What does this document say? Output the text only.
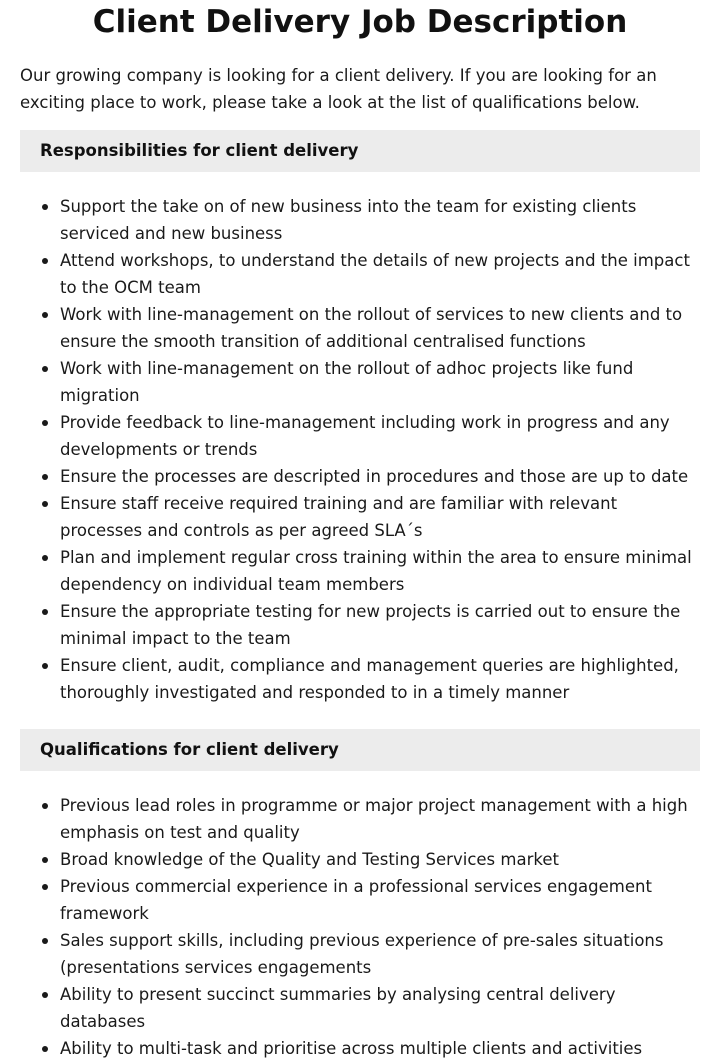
Client Delivery Job Description

Our growing company is looking for a client delivery. If you are looking for an exciting place to work, please take a look at the list of qualifications below.

Responsibilities for client delivery
Support the take on of new business into the team for existing clients serviced and new business
Attend workshops, to understand the details of new projects and the impact to the OCM team
Work with line-management on the rollout of services to new clients and to ensure the smooth transition of additional centralised functions
Work with line-management on the rollout of adhoc projects like fund migration
Provide feedback to line-management including work in progress and any developments or trends
Ensure the processes are descripted in procedures and those are up to date
Ensure staff receive required training and are familiar with relevant processes and controls as per agreed SLA´s
Plan and implement regular cross training within the area to ensure minimal dependency on individual team members
Ensure the appropriate testing for new projects is carried out to ensure the minimal impact to the team
Ensure client, audit, compliance and management queries are highlighted, thoroughly investigated and responded to in a timely manner
Qualifications for client delivery
Previous lead roles in programme or major project management with a high emphasis on test and quality
Broad knowledge of the Quality and Testing Services market
Previous commercial experience in a professional services engagement framework
Sales support skills, including previous experience of pre-sales situations (presentations services engagements
Ability to present succinct summaries by analysing central delivery databases
Ability to multi-task and prioritise across multiple clients and activities
